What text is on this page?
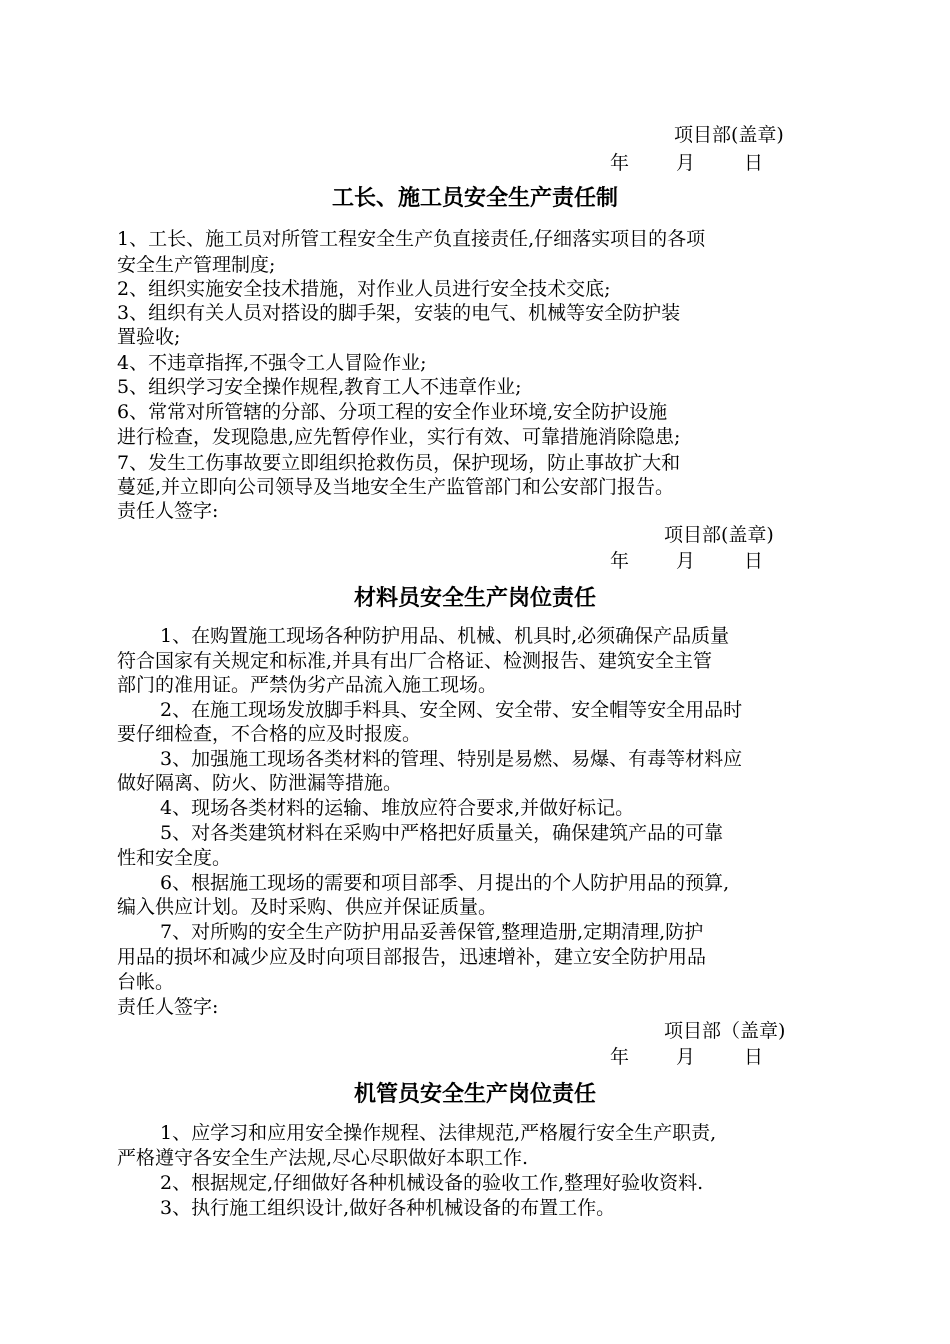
项目部(盖章)
年 月	日
工长、施工员安全生产责任制
1、工长、施工员对所管工程安全生产负直接责任,仔细落实项目的各项
安全生产管理制度;
2、组织实施安全技术措施，对作业人员进行安全技术交底;
3、组织有关人员对搭设的脚手架，安装的电气、机械等安全防护装
置验收;
4、不违章指挥,不强令工人冒险作业;
5、组织学习安全操作规程,教育工人不违章作业;
6、常常对所管辖的分部、分项工程的安全作业环境,安全防护设施
进行检查，发现隐患,应先暂停作业，实行有效、可靠措施消除隐患;
7、发生工伤事故要立即组织抢救伤员，保护现场，防止事故扩大和
蔓延,并立即向公司领导及当地安全生产监管部门和公安部门报告。
责任人签字:
项目部(盖章)
年 月	日
材料员安全生产岗位责任
1、在购置施工现场各种防护用品、机械、机具时,必须确保产品质量
符合国家有关规定和标准,并具有出厂合格证、检测报告、建筑安全主管
部门的准用证。严禁伪劣产品流入施工现场。
2、在施工现场发放脚手料具、安全网、安全带、安全帽等安全用品时
要仔细检查，不合格的应及时报废。
3、加强施工现场各类材料的管理、特别是易燃、易爆、有毒等材料应
做好隔离、防火、防泄漏等措施。
4、现场各类材料的运输、堆放应符合要求,并做好标记。
5、对各类建筑材料在采购中严格把好质量关，确保建筑产品的可靠
性和安全度。
6、根据施工现场的需要和项目部季、月提出的个人防护用品的预算,
编入供应计划。及时采购、供应并保证质量。
7、对所购的安全生产防护用品妥善保管,整理造册,定期清理,防护
用品的损坏和减少应及时向项目部报告，迅速增补，建立安全防护用品
台帐。
责任人签字:
项目部（盖章)
年 月	日
机管员安全生产岗位责任
1、应学习和应用安全操作规程、法律规范,严格履行安全生产职责,
严格遵守各安全生产法规,尽心尽职做好本职工作.
2、根据规定,仔细做好各种机械设备的验收工作,整理好验收资料.
3、执行施工组织设计,做好各种机械设备的布置工作。
